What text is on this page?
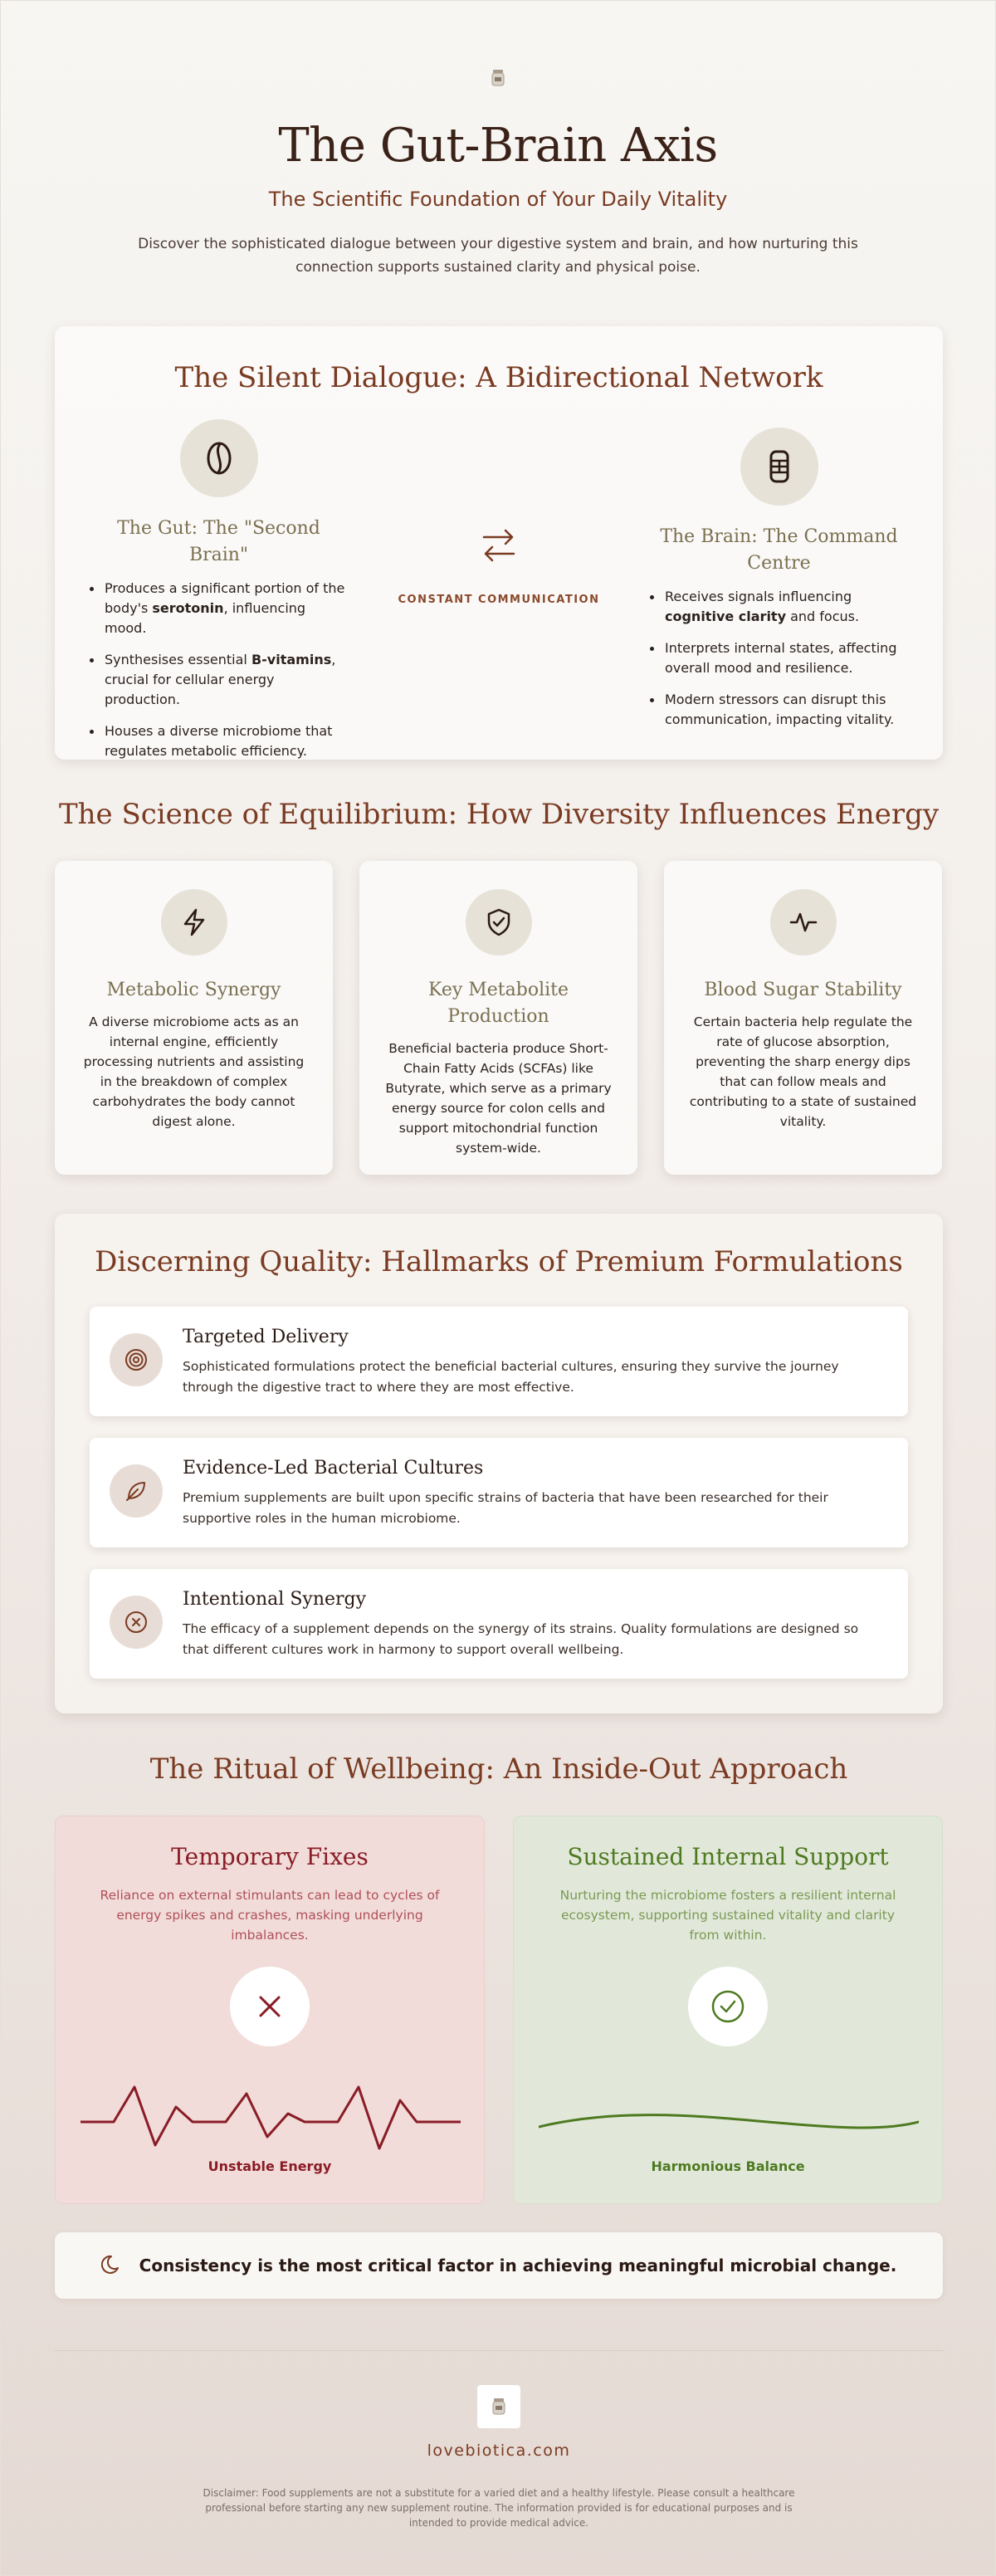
The Gut-Brain Axis
The Scientific Foundation of Your Daily Vitality

Discover the sophisticated dialogue between your digestive system and brain, and how nurturing this connection supports sustained clarity and physical poise.

The Silent Dialogue: A Bidirectional Network
The Gut: The "Second Brain"
Produces a significant portion of the body's serotonin, influencing mood.
Synthesises essential B-vitamins, crucial for cellular energy production.
Houses a diverse microbiome that regulates metabolic efficiency.
CONSTANT COMMUNICATION
The Brain: The Command Centre
Receives signals influencing cognitive clarity and focus.
Interprets internal states, affecting overall mood and resilience.
Modern stressors can disrupt this communication, impacting vitality.
The Science of Equilibrium: How Diversity Influences Energy
Metabolic Synergy

A diverse microbiome acts as an internal engine, efficiently processing nutrients and assisting in the breakdown of complex carbohydrates the body cannot digest alone.

Key Metabolite Production

Beneficial bacteria produce Short-Chain Fatty Acids (SCFAs) like Butyrate, which serve as a primary energy source for colon cells and support mitochondrial function system-wide.

Blood Sugar Stability

Certain bacteria help regulate the rate of glucose absorption, preventing the sharp energy dips that can follow meals and contributing to a state of sustained vitality.

Discerning Quality: Hallmarks of Premium Formulations
Targeted Delivery

Sophisticated formulations protect the beneficial bacterial cultures, ensuring they survive the journey through the digestive tract to where they are most effective.

Evidence-Led Bacterial Cultures

Premium supplements are built upon specific strains of bacteria that have been researched for their supportive roles in the human microbiome.

Intentional Synergy

The efficacy of a supplement depends on the synergy of its strains. Quality formulations are designed so that different cultures work in harmony to support overall wellbeing.

The Ritual of Wellbeing: An Inside-Out Approach
Temporary Fixes

Reliance on external stimulants can lead to cycles of energy spikes and crashes, masking underlying imbalances.

Unstable Energy
Sustained Internal Support

Nurturing the microbiome fosters a resilient internal ecosystem, supporting sustained vitality and clarity from within.

Harmonious Balance
Consistency is the most critical factor in achieving meaningful microbial change.
lovebiotica.com

Disclaimer: Food supplements are not a substitute for a varied diet and a healthy lifestyle. Please consult a healthcare professional before starting any new supplement routine. The information provided is for educational purposes and is intended to provide medical advice.
